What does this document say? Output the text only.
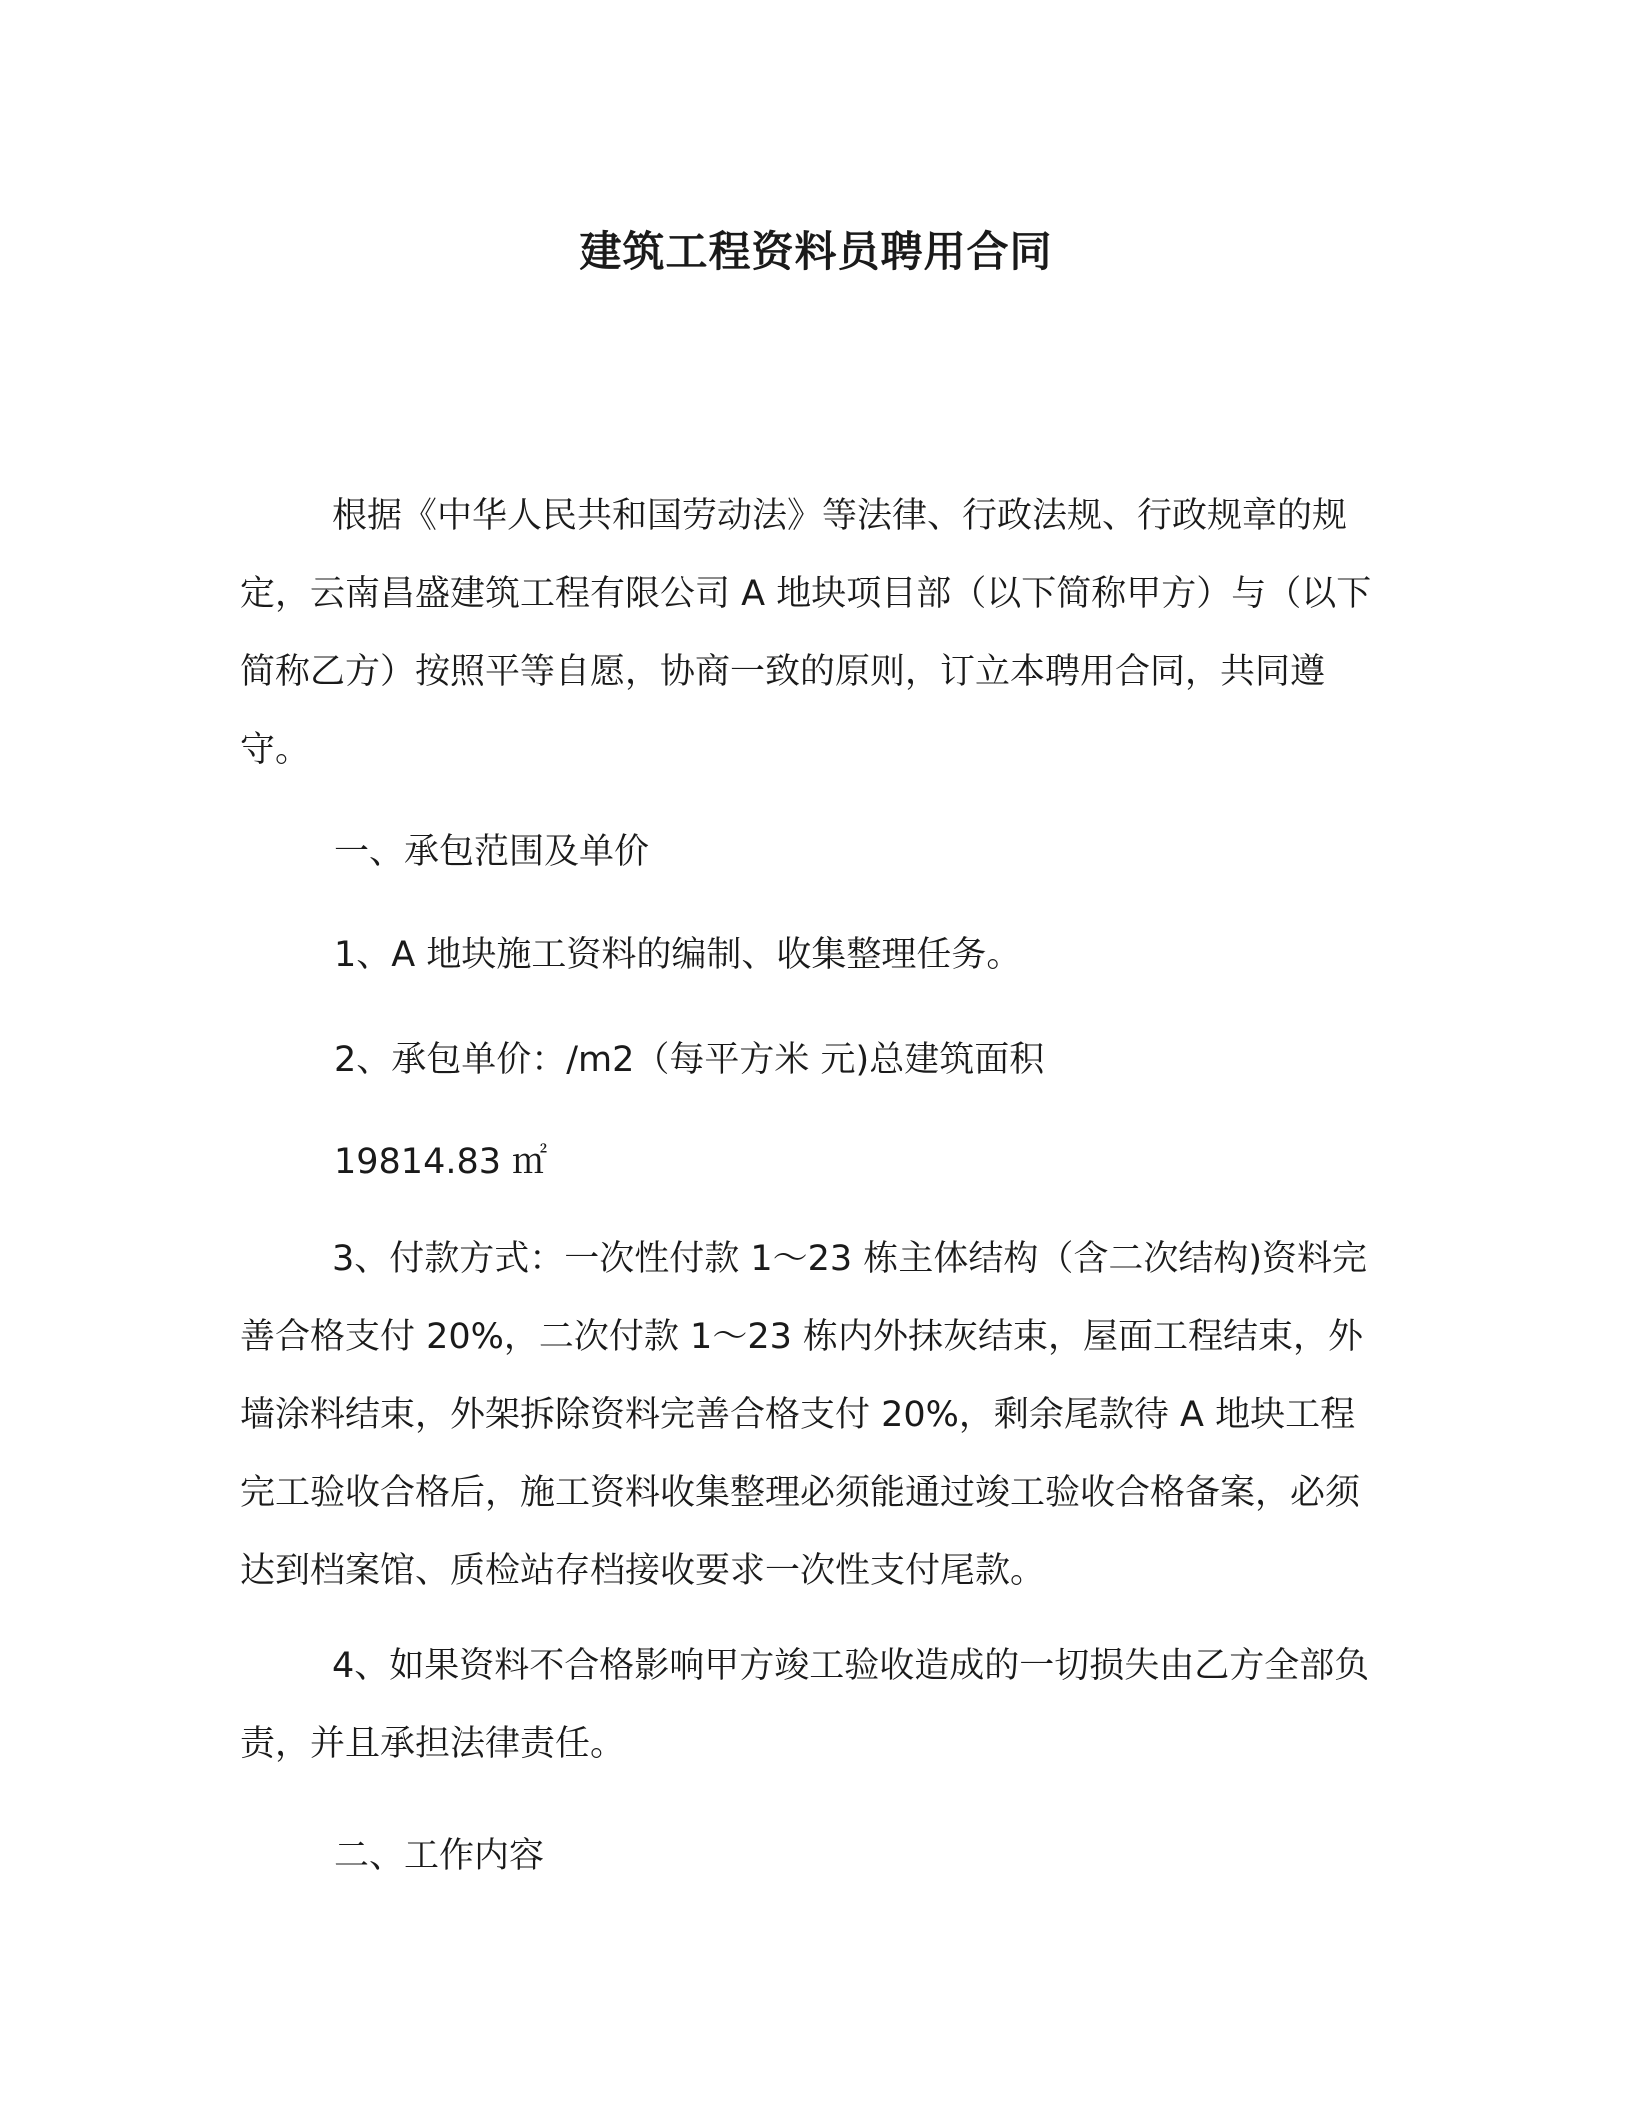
建筑工程资料员聘用合同

根据《中华人民共和国劳动法》等法律、行政法规、行政规章的规定，云南昌盛建筑工程有限公司 A 地块项目部（以下简称甲方）与（以下简称乙方）按照平等自愿，协商一致的原则，订立本聘用合同，共同遵守。

一、承包范围及单价

1、A 地块施工资料的编制、收集整理任务。

2、承包单价：/m2（每平方米 元)总建筑面积

19814.83 ㎡

3、付款方式：一次性付款 1～23 栋主体结构（含二次结构)资料完善合格支付 20%，二次付款 1～23 栋内外抹灰结束，屋面工程结束，外墙涂料结束，外架拆除资料完善合格支付 20%，剩余尾款待 A 地块工程完工验收合格后，施工资料收集整理必须能通过竣工验收合格备案，必须达到档案馆、质检站存档接收要求一次性支付尾款。

4、如果资料不合格影响甲方竣工验收造成的一切损失由乙方全部负责，并且承担法律责任。

二、工作内容
